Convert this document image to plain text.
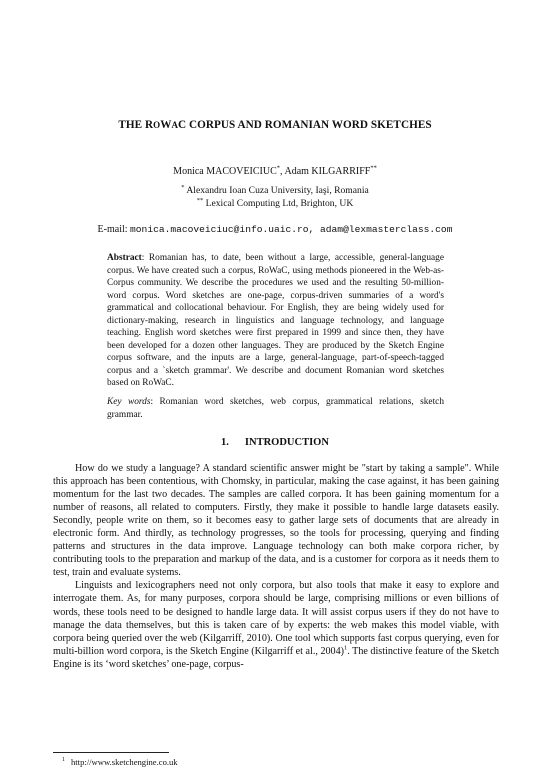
THE ROWAC CORPUS AND ROMANIAN WORD SKETCHES
Monica MACOVEICIUC*, Adam KILGARRIFF**
* Alexandru Ioan Cuza University, Iaşi, Romania
** Lexical Computing Ltd, Brighton, UK
E-mail: monica.macoveiciuc@info.uaic.ro, adam@lexmasterclass.com

Abstract: Romanian has, to date, been without a large, accessible, general-language corpus. We have created such a corpus, RoWaC, using methods pioneered in the Web-as-Corpus community. We describe the procedures we used and the resulting 50-million-word corpus. Word sketches are one-page, corpus-driven summaries of a word's grammatical and collocational behaviour. For English, they are being widely used for dictionary-making, research in linguistics and language technology, and language teaching. English word sketches were first prepared in 1999 and since then, they have been developed for a dozen other languages. They are produced by the Sketch Engine corpus software, and the inputs are a large, general-language, part-of-speech-tagged corpus and a `sketch grammar'. We describe and document Romanian word sketches based on RoWaC.

Key words: Romanian word sketches, web corpus, grammatical relations, sketch grammar.

1. INTRODUCTION

How do we study a language? A standard scientific answer might be "start by taking a sample". While this approach has been contentious, with Chomsky, in particular, making the case against, it has been gaining momentum for the last two decades. The samples are called corpora. It has been gaining momentum for a number of reasons, all related to computers. Firstly, they make it possible to handle large datasets easily. Secondly, people write on them, so it becomes easy to gather large sets of documents that are already in electronic form. And thirdly, as technology progresses, so the tools for processing, querying and finding patterns and structures in the data improve. Language technology can both make corpora richer, by contributing tools to the preparation and markup of the data, and is a customer for corpora as it needs them to test, train and evaluate systems.

Linguists and lexicographers need not only corpora, but also tools that make it easy to explore and interrogate them. As, for many purposes, corpora should be large, comprising millions or even billions of words, these tools need to be designed to handle large data. It will assist corpus users if they do not have to manage the data themselves, but this is taken care of by experts: the web makes this model viable, with corpora being queried over the web (Kilgarriff, 2010). One tool which supports fast corpus querying, even for multi-billion word corpora, is the Sketch Engine (Kilgarriff et al., 2004)$^1$. The distinctive feature of the Sketch Engine is its ‘word sketches’ one-page, corpus-

$^1$ http://www.sketchengine.co.uk
